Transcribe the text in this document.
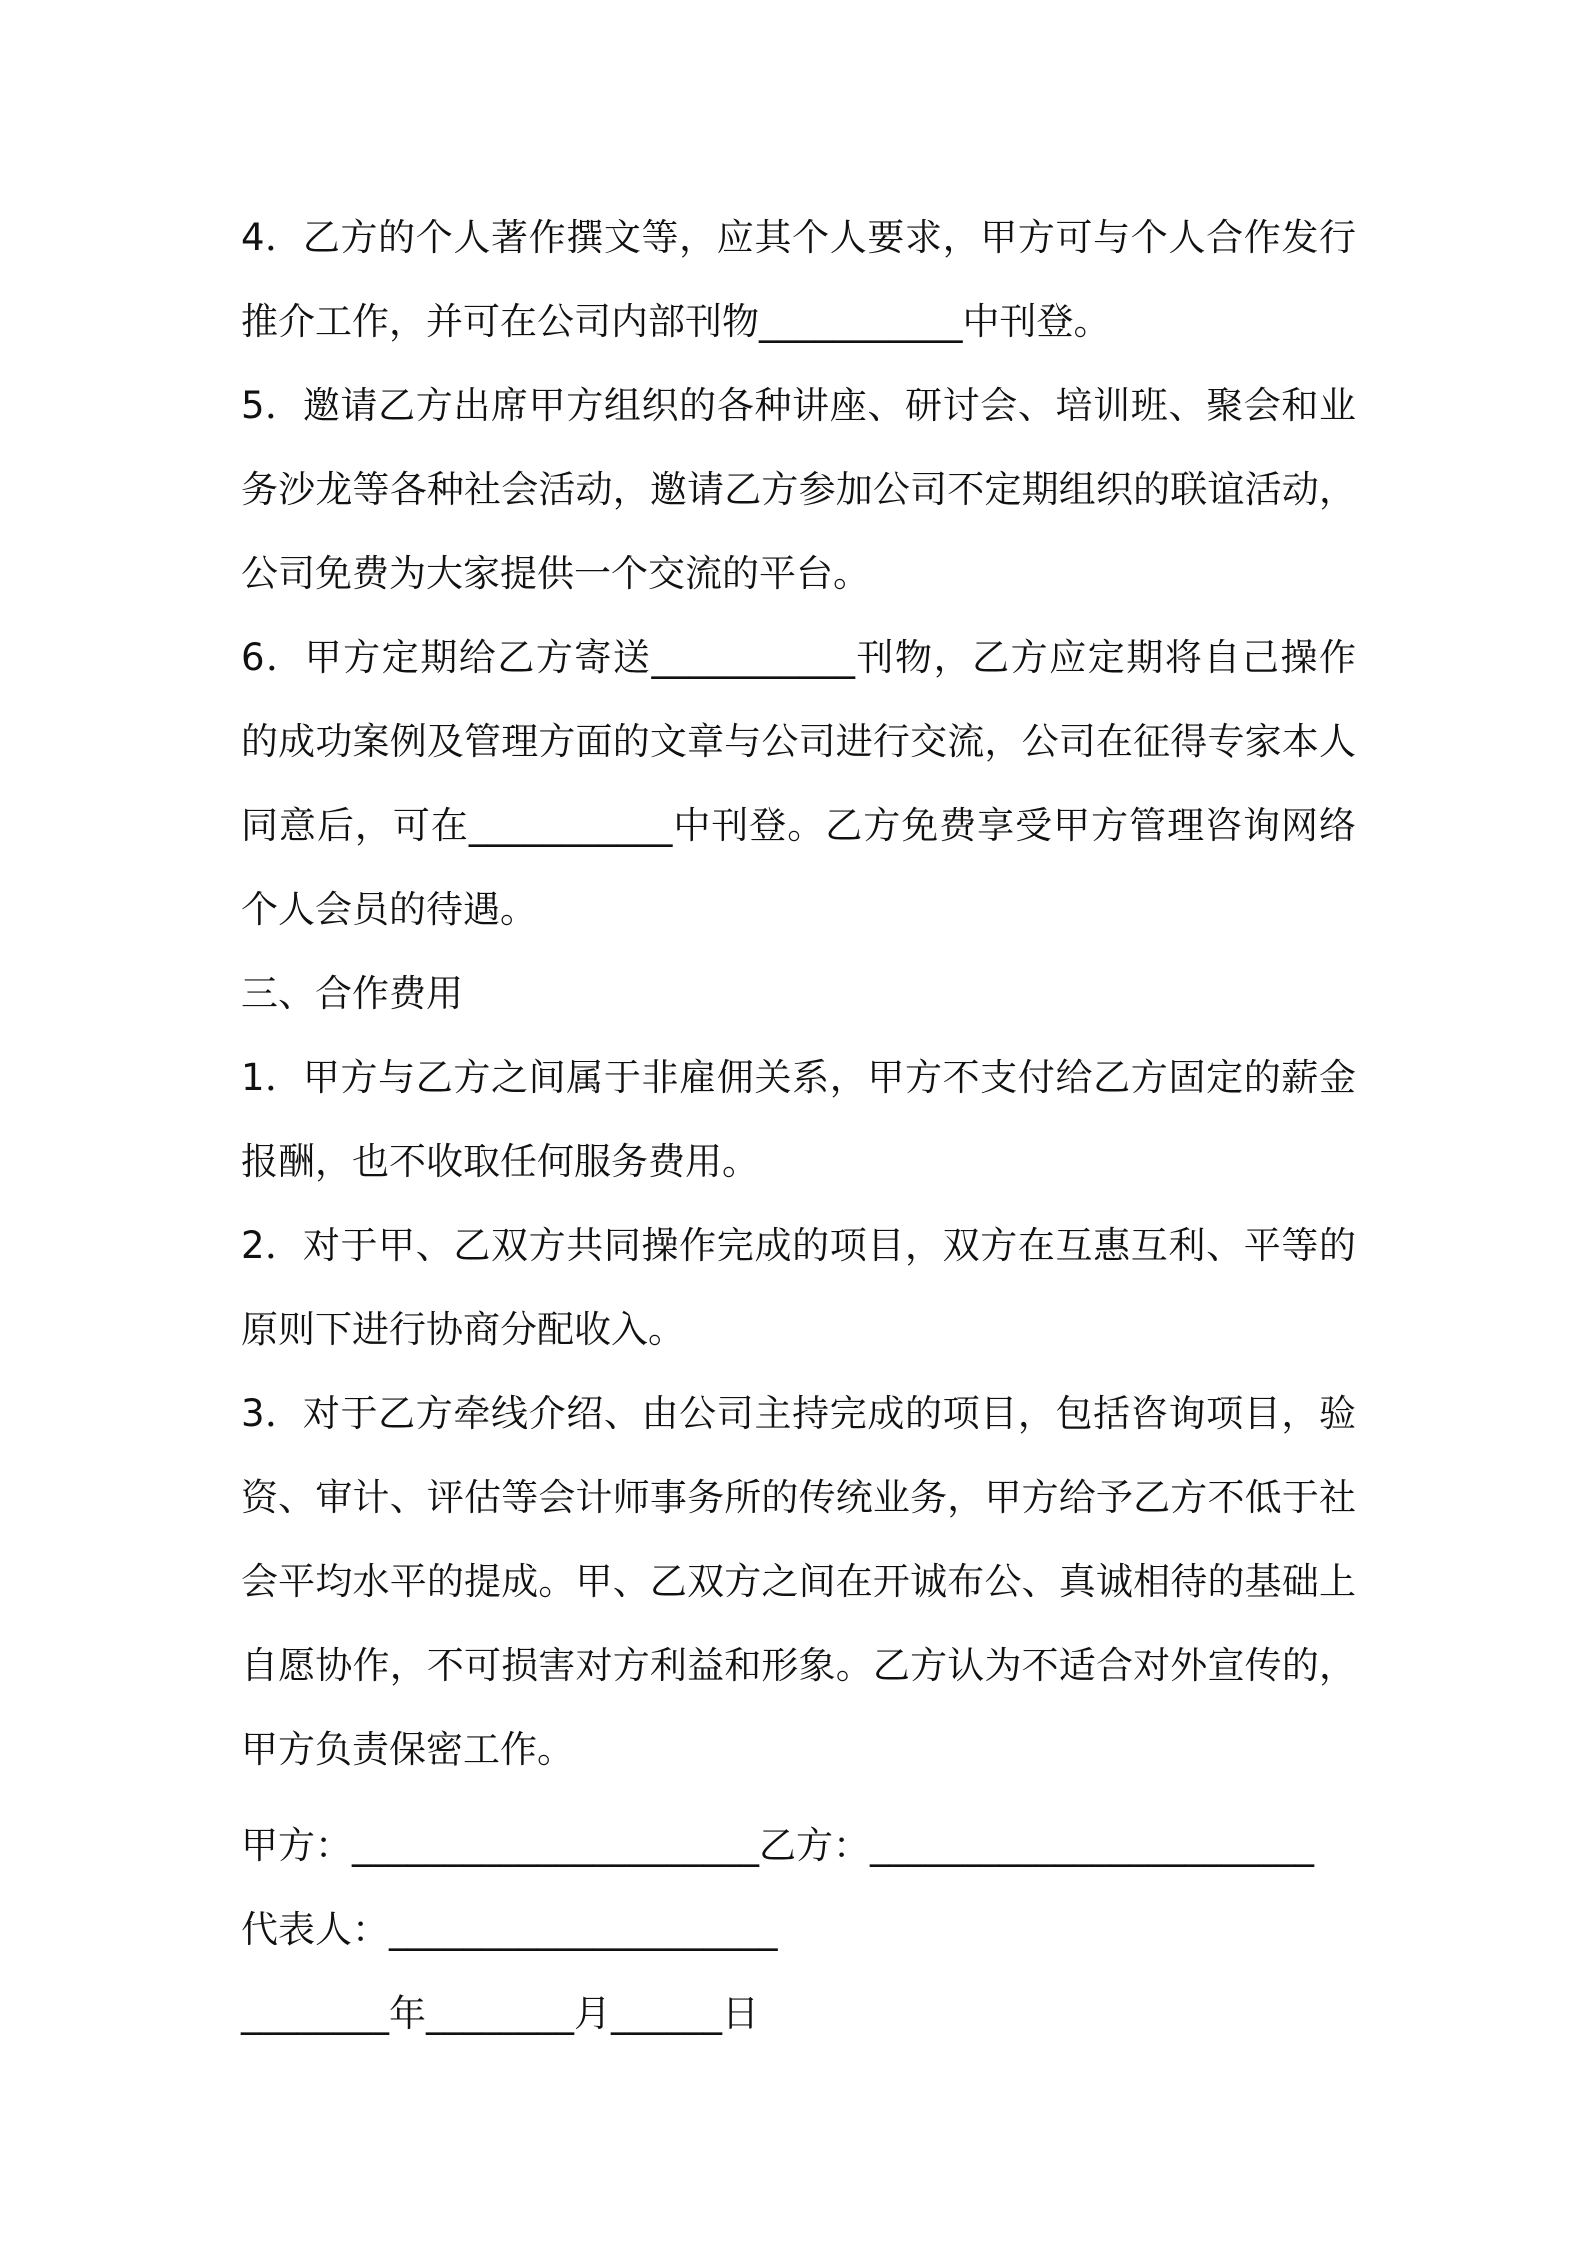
4．乙方的个人著作撰文等，应其个人要求，甲方可与个人合作发行推介工作，并可在公司内部刊物___________中刊登。

5．邀请乙方出席甲方组织的各种讲座、研讨会、培训班、聚会和业务沙龙等各种社会活动，邀请乙方参加公司不定期组织的联谊活动，公司免费为大家提供一个交流的平台。

6．甲方定期给乙方寄送___________刊物，乙方应定期将自己操作的成功案例及管理方面的文章与公司进行交流，公司在征得专家本人同意后，可在___________中刊登。乙方免费享受甲方管理咨询网络个人会员的待遇。

三、合作费用

1．甲方与乙方之间属于非雇佣关系，甲方不支付给乙方固定的薪金报酬，也不收取任何服务费用。

2．对于甲、乙双方共同操作完成的项目，双方在互惠互利、平等的原则下进行协商分配收入。

3．对于乙方牵线介绍、由公司主持完成的项目，包括咨询项目，验资、审计、评估等会计师事务所的传统业务，甲方给予乙方不低于社会平均水平的提成。甲、乙双方之间在开诚布公、真诚相待的基础上自愿协作，不可损害对方利益和形象。乙方认为不适合对外宣传的，甲方负责保密工作。

甲方：______________________乙方：________________________

代表人：_____________________

________年________月______日
